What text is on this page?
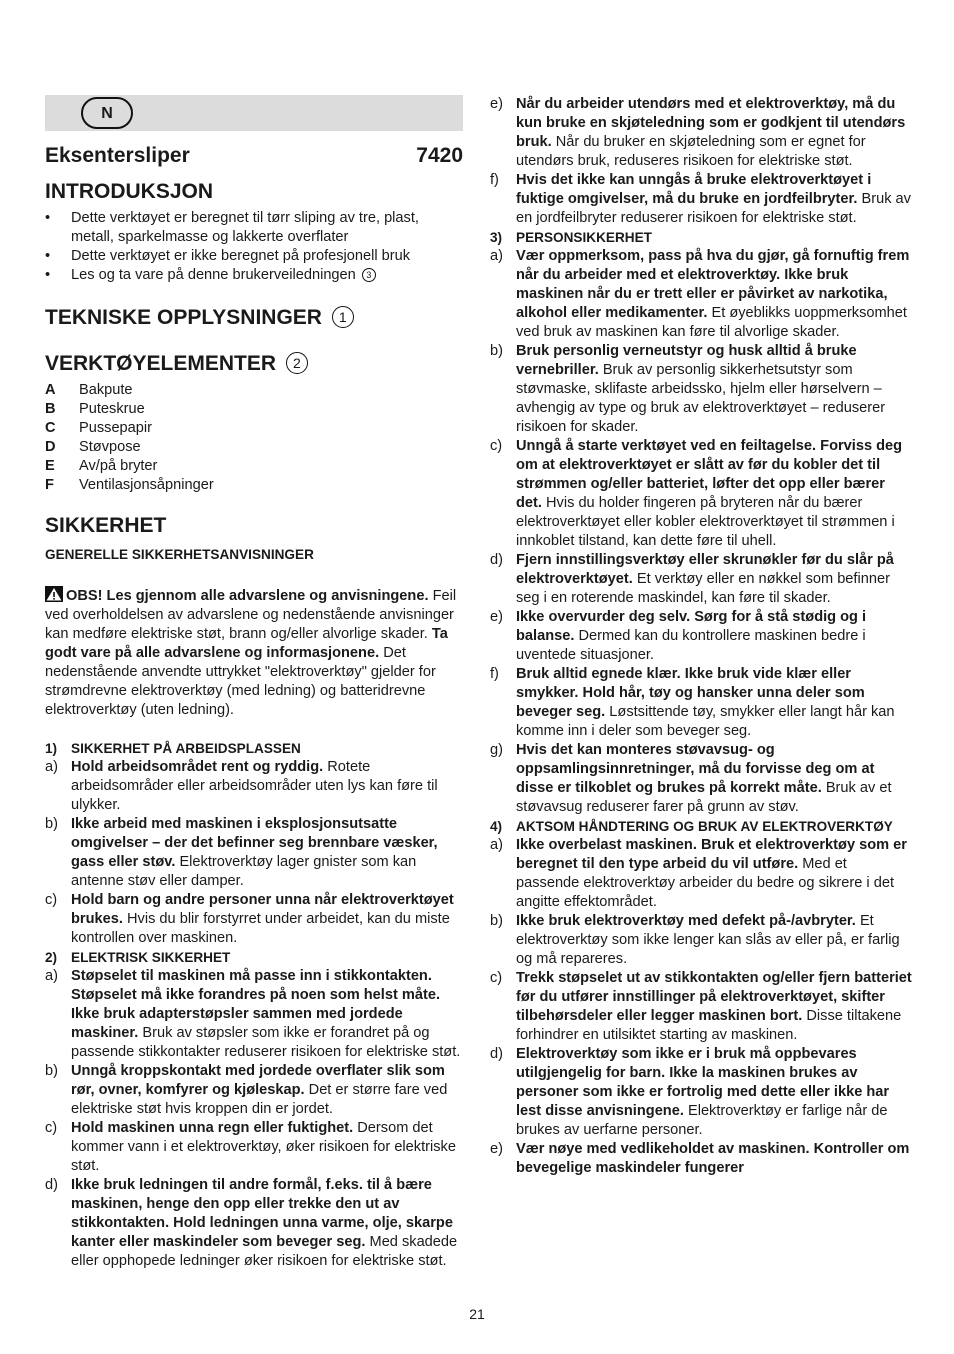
N
Eksentersliper	7420
INTRODUKSJON
•	Dette verktøyet er beregnet til tørr sliping av tre, plast, metall, sparkelmasse og lakkerte overflater
•	Dette verktøyet er ikke beregnet på profesjonell bruk
•	Les og ta vare på denne brukerveiledningen 3
TEKNISKE OPPLYSNINGER 1
VERKTØYELEMENTER 2
A	Bakpute
B	Puteskrue
C	Pussepapir
D	Støvpose
E	Av/på bryter
F	Ventilasjonsåpninger
SIKKERHET
GENERELLE SIKKERHETSANVISNINGER
OBS! Les gjennom alle advarslene og anvisningene. Feil ved overholdelsen av advarslene og nedenstående anvisninger kan medføre elektriske støt, brann og/eller alvorlige skader. Ta godt vare på alle advarslene og informasjonene. Det nedenstående anvendte uttrykket "elektroverktøy" gjelder for strømdrevne elektroverktøy (med ledning) og batteridrevne elektroverktøy (uten ledning).
1)	SIKKERHET PÅ ARBEIDSPLASSEN
a) Hold arbeidsområdet rent og ryddig. Rotete arbeidsområder eller arbeidsområder uten lys kan føre til ulykker.
b) Ikke arbeid med maskinen i eksplosjonsutsatte omgivelser – der det befinner seg brennbare væsker, gass eller støv. Elektroverktøy lager gnister som kan antenne støv eller damper.
c) Hold barn og andre personer unna når elektroverktøyet brukes. Hvis du blir forstyrret under arbeidet, kan du miste kontrollen over maskinen.
2)	ELEKTRISK SIKKERHET
a) Støpselet til maskinen må passe inn i stikkontakten. Støpselet må ikke forandres på noen som helst måte. Ikke bruk adapterstøpsler sammen med jordede maskiner. Bruk av støpsler som ikke er forandret på og passende stikkontakter reduserer risikoen for elektriske støt.
b) Unngå kroppskontakt med jordede overflater slik som rør, ovner, komfyrer og kjøleskap. Det er større fare ved elektriske støt hvis kroppen din er jordet.
c) Hold maskinen unna regn eller fuktighet. Dersom det kommer vann i et elektroverktøy, øker risikoen for elektriske støt.
d) Ikke bruk ledningen til andre formål, f.eks. til å bære maskinen, henge den opp eller trekke den ut av stikkontakten. Hold ledningen unna varme, olje, skarpe kanter eller maskindeler som beveger seg. Med skadede eller opphopede ledninger øker risikoen for elektriske støt.
e) Når du arbeider utendørs med et elektroverktøy, må du kun bruke en skjøteledning som er godkjent til utendørs bruk. Når du bruker en skjøteledning som er egnet for utendørs bruk, reduseres risikoen for elektriske støt.
f)	Hvis det ikke kan unngås å bruke elektroverktøyet i fuktige omgivelser, må du bruke en jordfeilbryter. Bruk av en jordfeilbryter reduserer risikoen for elektriske støt.
3)	PERSONSIKKERHET
a) Vær oppmerksom, pass på hva du gjør, gå fornuftig frem når du arbeider med et elektroverktøy. Ikke bruk maskinen når du er trett eller er påvirket av narkotika, alkohol eller medikamenter. Et øyeblikks uoppmerksomhet ved bruk av maskinen kan føre til alvorlige skader.
b) Bruk personlig verneutstyr og husk alltid å bruke vernebriller. Bruk av personlig sikkerhetsutstyr som støvmaske, sklifaste arbeidssko, hjelm eller hørselvern – avhengig av type og bruk av elektroverktøyet – reduserer risikoen for skader.
c) Unngå å starte verktøyet ved en feiltagelse. Forviss deg om at elektroverktøyet er slått av før du kobler det til strømmen og/eller batteriet, løfter det opp eller bærer det. Hvis du holder fingeren på bryteren når du bærer elektroverktøyet eller kobler elektroverktøyet til strømmen i innkoblet tilstand, kan dette føre til uhell.
d) Fjern innstillingsverktøy eller skrunøkler før du slår på elektroverktøyet. Et verktøy eller en nøkkel som befinner seg i en roterende maskindel, kan føre til skader.
e) Ikke overvurder deg selv. Sørg for å stå stødig og i balanse. Dermed kan du kontrollere maskinen bedre i uventede situasjoner.
f)	Bruk alltid egnede klær. Ikke bruk vide klær eller smykker. Hold hår, tøy og hansker unna deler som beveger seg. Løstsittende tøy, smykker eller langt hår kan komme inn i deler som beveger seg.
g) Hvis det kan monteres støvavsug- og oppsamlingsinnretninger, må du forvisse deg om at disse er tilkoblet og brukes på korrekt måte. Bruk av et støvavsug reduserer farer på grunn av støv.
4)	AKTSOM HÅNDTERING OG BRUK AV ELEKTROVERKTØY
a) Ikke overbelast maskinen. Bruk et elektroverktøy som er beregnet til den type arbeid du vil utføre. Med et passende elektroverktøy arbeider du bedre og sikrere i det angitte effektområdet.
b) Ikke bruk elektroverktøy med defekt på-/avbryter. Et elektroverktøy som ikke lenger kan slås av eller på, er farlig og må repareres.
c) Trekk støpselet ut av stikkontakten og/eller fjern batteriet før du utfører innstillinger på elektroverktøyet, skifter tilbehørsdeler eller legger maskinen bort. Disse tiltakene forhindrer en utilsiktet starting av maskinen.
d) Elektroverktøy som ikke er i bruk må oppbevares utilgjengelig for barn. Ikke la maskinen brukes av personer som ikke er fortrolig med dette eller ikke har lest disse anvisningene. Elektroverktøy er farlige når de brukes av uerfarne personer.
e) Vær nøye med vedlikeholdet av maskinen. Kontroller om bevegelige maskindeler fungerer
21
